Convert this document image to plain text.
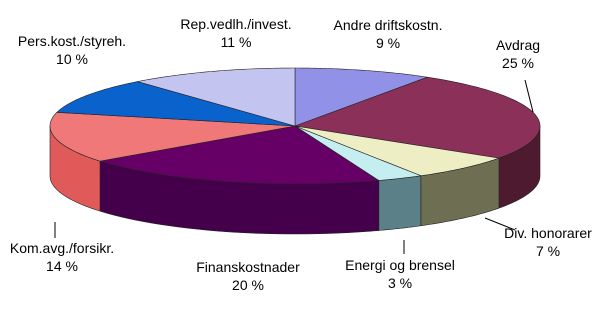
Andre driftskostn.
9 %	Avdrag
25 %
Div. honorarer
7 %
Energi og brensel
3 %
Finanskostnader
20 %
Kom.avg./forsikr.
14 %
Pers.kost./styreh.
10 %
Rep.vedlh./invest.
11 %
